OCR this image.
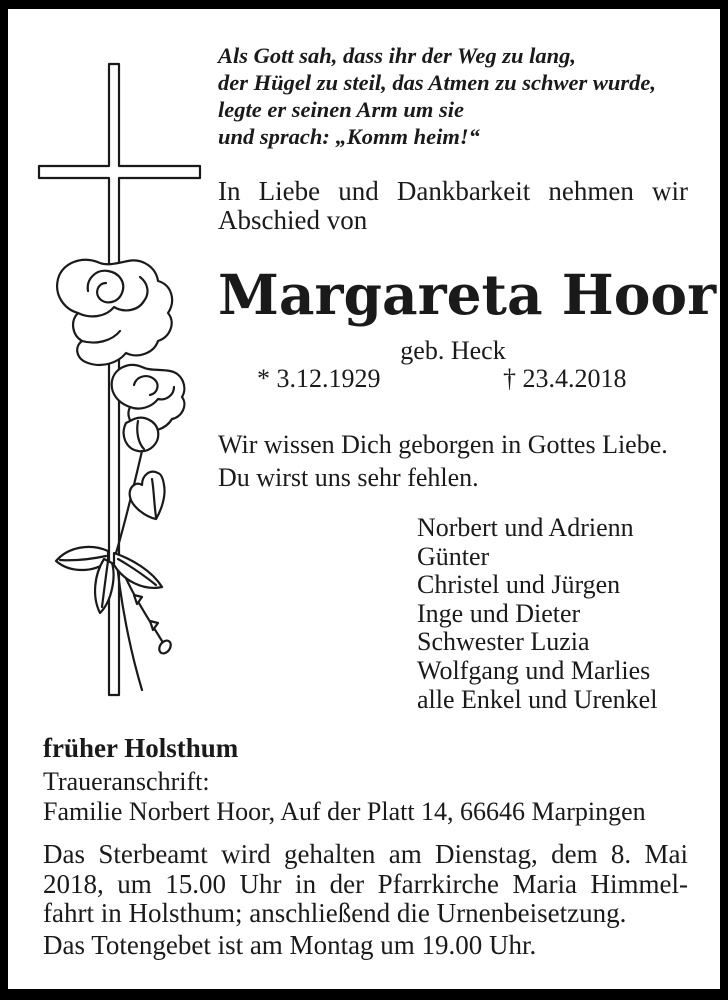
Als Gott sah, dass ihr der Weg zu lang,
der Hügel zu steil, das Atmen zu schwer wurde,
legte er seinen Arm um sie
und sprach: „Komm heim!“
In Liebe und Dankbarkeit nehmen wir
Abschied von
Margareta Hoor
geb. Heck
* 3.12.1929	† 23.4.2018
Wir wissen Dich geborgen in Gottes Liebe.
Du wirst uns sehr fehlen.
Norbert und Adrienn
Günter
Christel und Jürgen
Inge und Dieter
Schwester Luzia
Wolfgang und Marlies
alle Enkel und Urenkel
früher Holsthum
Traueranschrift:
Familie Norbert Hoor, Auf der Platt 14, 66646 Marpingen
Das Sterbeamt wird gehalten am Dienstag, dem 8. Mai
2018, um 15.00 Uhr in der Pfarrkirche Maria Himmel-
fahrt in Holsthum; anschließend die Urnenbeisetzung.
Das Totengebet ist am Montag um 19.00 Uhr.
